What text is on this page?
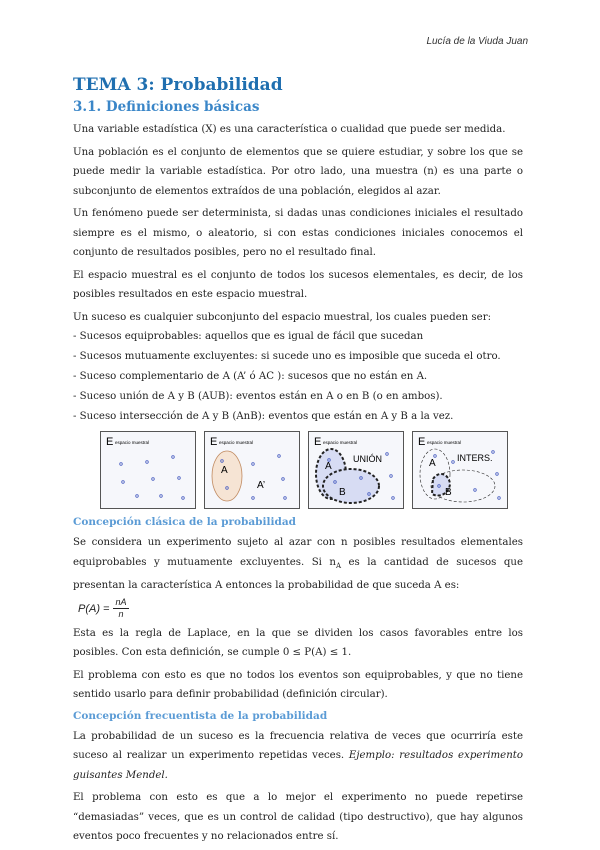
Lucía de la Viuda Juan
TEMA 3: Probabilidad
3.1. Definiciones básicas

Una variable estadística (X) es una característica o cualidad que puede ser medida.

Una población es el conjunto de elementos que se quiere estudiar, y sobre los que se puede medir la variable estadística. Por otro lado, una muestra (n) es una parte o subconjunto de elementos extraídos de una población, elegidos al azar.

Un fenómeno puede ser determinista, si dadas unas condiciones iniciales el resultado siempre es el mismo, o aleatorio, si con estas condiciones iniciales conocemos el conjunto de resultados posibles, pero no el resultado final.

El espacio muestral es el conjunto de todos los sucesos elementales, es decir, de los posibles resultados en este espacio muestral.

Un suceso es cualquier subconjunto del espacio muestral, los cuales pueden ser:

- Sucesos equiprobables: aquellos que es igual de fácil que sucedan
- Sucesos mutuamente excluyentes: si sucede uno es imposible que suceda el otro.
- Suceso complementario de A (A’ ó AC ): sucesos que no están en A.
- Suceso unión de A y B (AUB): eventos están en A o en B (o en ambos).
- Suceso intersección de A y B (AnB): eventos que están en A y B a la vez.
E espacio muestral	E espacio muestral
A
A’
E espacio muestral
A
B
UNIÓN
E espacio muestral
A
B
INTERS.
Concepción clásica de la probabilidad

Se considera un experimento sujeto al azar con n posibles resultados elementales equiprobables y mutuamente excluyentes. Si $n_A$ es la cantidad de sucesos que presentan la característica A entonces la probabilidad de que suceda A es:

$P(A) = \frac{nA}{n}$

Esta es la regla de Laplace, en la que se dividen los casos favorables entre los posibles. Con esta definición, se cumple 0 ≤ P(A) ≤ 1.

El problema con esto es que no todos los eventos son equiprobables, y que no tiene sentido usarlo para definir probabilidad (definición circular).

Concepción frecuentista de la probabilidad

La probabilidad de un suceso es la frecuencia relativa de veces que ocurriría este suceso al realizar un experimento repetidas veces. Ejemplo: resultados experimento guisantes Mendel.

El problema con esto es que a lo mejor el experimento no puede repetirse “demasiadas” veces, que es un control de calidad (tipo destructivo), que hay algunos eventos poco frecuentes y no relacionados entre sí.
